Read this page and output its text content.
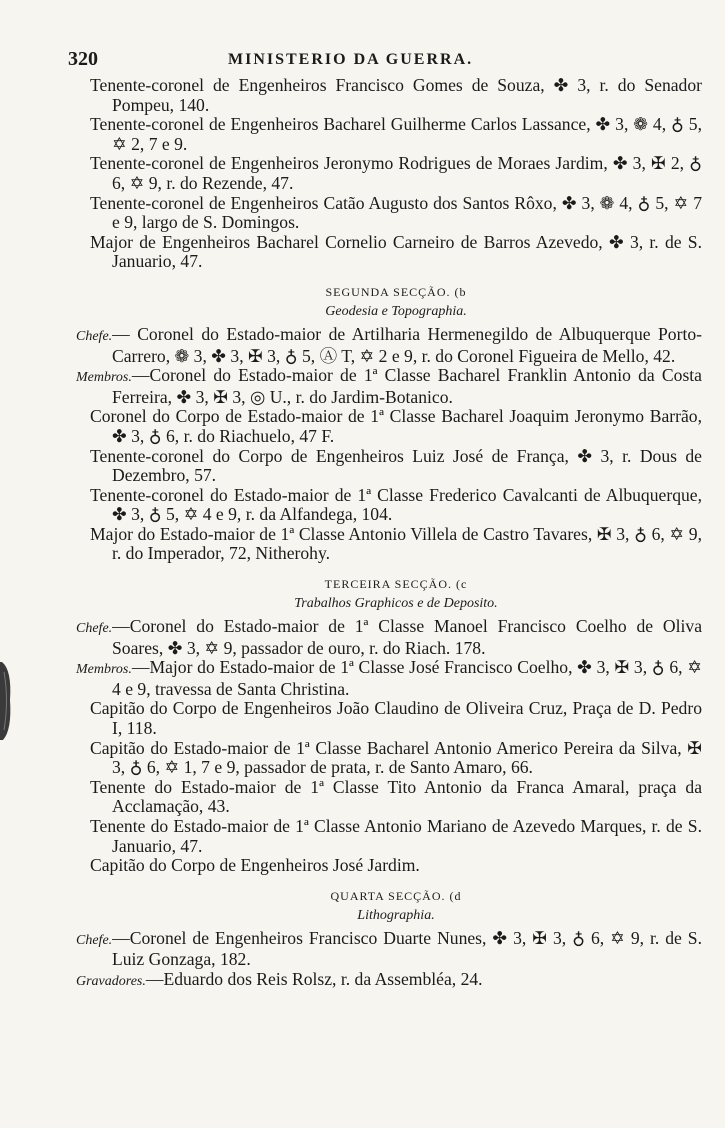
320	MINISTERIO DA GUERRA.

Tenente-coronel de Engenheiros Francisco Gomes de Souza, ✤ 3, r. do Senador Pompeu, 140.

Tenente-coronel de Engenheiros Bacharel Guilherme Carlos Lassance, ✤ 3, ❁ 4, ♁ 5, ✡ 2, 7 e 9.

Tenente-coronel de Engenheiros Jeronymo Rodrigues de Moraes Jardim, ✤ 3, ✠ 2, ♁ 6, ✡ 9, r. do Rezende, 47.

Tenente-coronel de Engenheiros Catão Augusto dos Santos Rôxo, ✤ 3, ❁ 4, ♁ 5, ✡ 7 e 9, largo de S. Domingos.

Major de Engenheiros Bacharel Cornelio Carneiro de Barros Azevedo, ✤ 3, r. de S. Januario, 47.

SEGUNDA SECÇÃO. (b
Geodesia e Topographia.

Chefe.— Coronel do Estado-maior de Artilharia Hermenegildo de Albuquerque Porto-Carrero, ❁ 3, ✤ 3, ✠ 3, ♁ 5, Ⓐ T, ✡ 2 e 9, r. do Coronel Figueira de Mello, 42.

Membros.—Coronel do Estado-maior de 1ª Classe Bacharel Franklin Antonio da Costa Ferreira, ✤ 3, ✠ 3, ◎ U., r. do Jardim-Botanico.

Coronel do Corpo de Estado-maior de 1ª Classe Bacharel Joaquim Jeronymo Barrão, ✤ 3, ♁ 6, r. do Riachuelo, 47 F.

Tenente-coronel do Corpo de Engenheiros Luiz José de França, ✤ 3, r. Dous de Dezembro, 57.

Tenente-coronel do Estado-maior de 1ª Classe Frederico Cavalcanti de Albuquerque, ✤ 3, ♁ 5, ✡ 4 e 9, r. da Alfandega, 104.

Major do Estado-maior de 1ª Classe Antonio Villela de Castro Tavares, ✠ 3, ♁ 6, ✡ 9, r. do Imperador, 72, Nitherohy.

TERCEIRA SECÇÃO. (c
Trabalhos Graphicos e de Deposito.

Chefe.—Coronel do Estado-maior de 1ª Classe Manoel Francisco Coelho de Oliva Soares, ✤ 3, ✡ 9, passador de ouro, r. do Riach. 178.

Membros.—Major do Estado-maior de 1ª Classe José Francisco Coelho, ✤ 3, ✠ 3, ♁ 6, ✡ 4 e 9, travessa de Santa Christina.

Capitão do Corpo de Engenheiros João Claudino de Oliveira Cruz, Praça de D. Pedro I, 118.

Capitão do Estado-maior de 1ª Classe Bacharel Antonio Americo Pereira da Silva, ✠ 3, ♁ 6, ✡ 1, 7 e 9, passador de prata, r. de Santo Amaro, 66.

Tenente do Estado-maior de 1ª Classe Tito Antonio da Franca Amaral, praça da Acclamação, 43.

Tenente do Estado-maior de 1ª Classe Antonio Mariano de Azevedo Marques, r. de S. Januario, 47.

Capitão do Corpo de Engenheiros José Jardim.

QUARTA SECÇÃO. (d
Lithographia.

Chefe.—Coronel de Engenheiros Francisco Duarte Nunes, ✤ 3, ✠ 3, ♁ 6, ✡ 9, r. de S. Luiz Gonzaga, 182.

Gravadores.—Eduardo dos Reis Rolsz, r. da Assembléa, 24.
